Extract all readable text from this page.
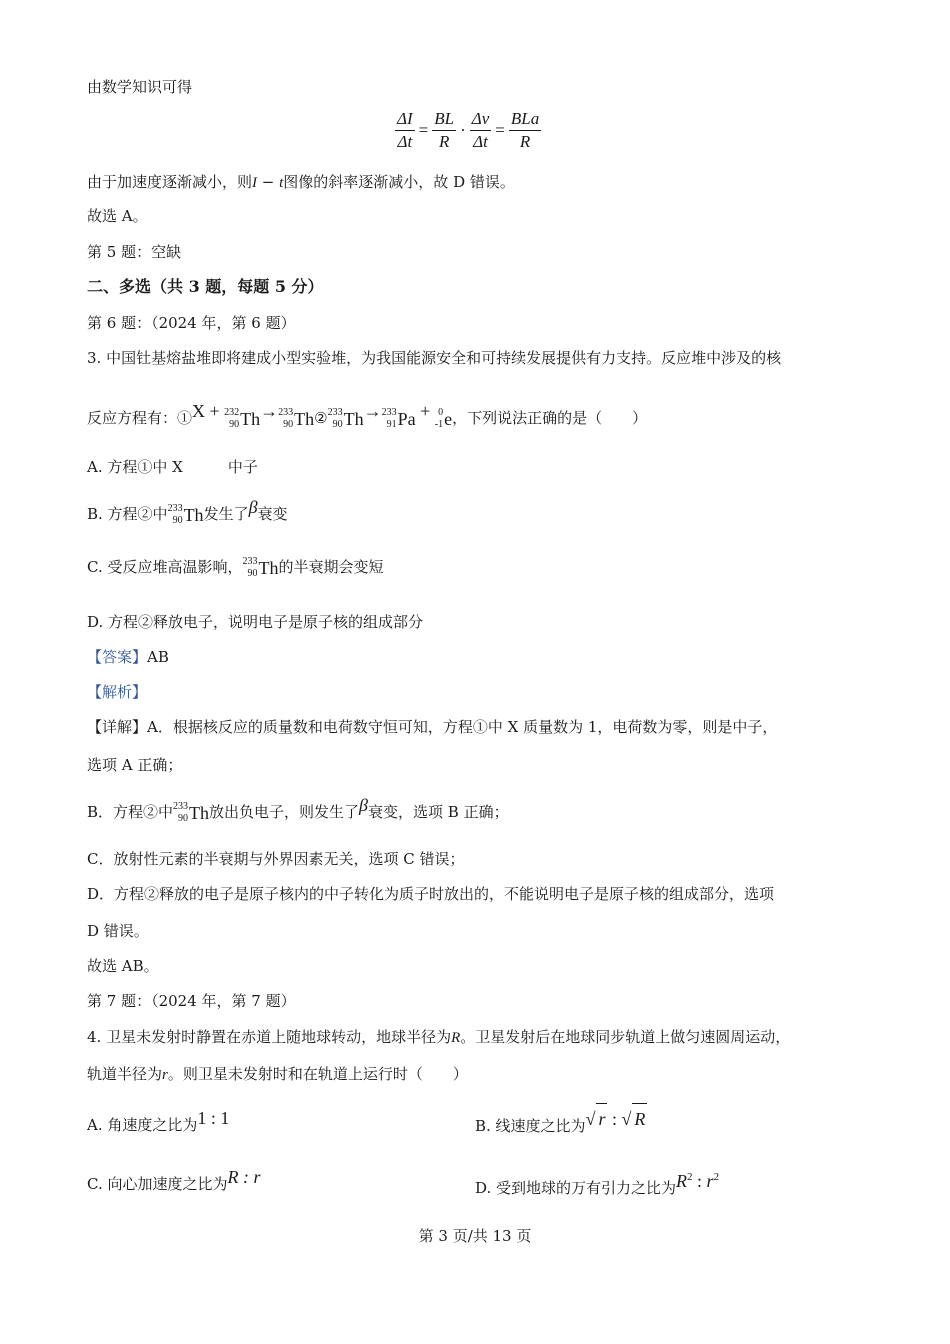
由数学知识可得
$\frac{\Delta I}{\Delta t} = \frac{BL}{R} \cdot \frac{\Delta v}{\Delta t} = \frac{\text{BLa}}{R}$
由于加速度逐渐减小，则I − t图像的斜率逐渐减小，故 D 错误。
故选 A。
第 5 题：空缺
二、多选（共 3 题，每题 5 分）
第 6 题：（2024 年，第 6 题）
3. 中国钍基熔盐堆即将建成小型实验堆，为我国能源安全和可持续发展提供有力支持。反应堆中涉及的核
反应方程有：①X + 232
90 Th → 233
90 Th ② 233
90 Th → 233
91 Pa + 0
-1 e ，下列说法正确的是（　　）
A. 方程①中 X　　　中子
B. 方程②中 233
90 Th 发生了β衰变
C. 受反应堆高温影响， 233
90 Th 的半衰期会变短
D. 方程②释放电子，说明电子是原子核的组成部分
【答案】AB
【解析】
【详解】A．根据核反应的质量数和电荷数守恒可知，方程①中 X 质量数为 1，电荷数为零，则是中子，
选项 A 正确；
B．方程②中 233
90 Th 放出负电子，则发生了β衰变，选项 B 正确；
C．放射性元素的半衰期与外界因素无关，选项 C 错误；
D．方程②释放的电子是原子核内的中子转化为质子时放出的，不能说明电子是原子核的组成部分，选项
D 错误。
故选 AB。
第 7 题：（2024 年，第 7 题）
4. 卫星未发射时静置在赤道上随地球转动，地球半径为R。卫星发射后在地球同步轨道上做匀速圆周运动，
轨道半径为r。则卫星未发射时和在轨道上运行时（　　）
A. 角速度之比为1 : 1	B. 线速度之比为√ r : √ R
C. 向心加速度之比为R : r
D. 受到地球的万有引力之比为$R^2$ : $r^2$
第 3 页/共 13 页
